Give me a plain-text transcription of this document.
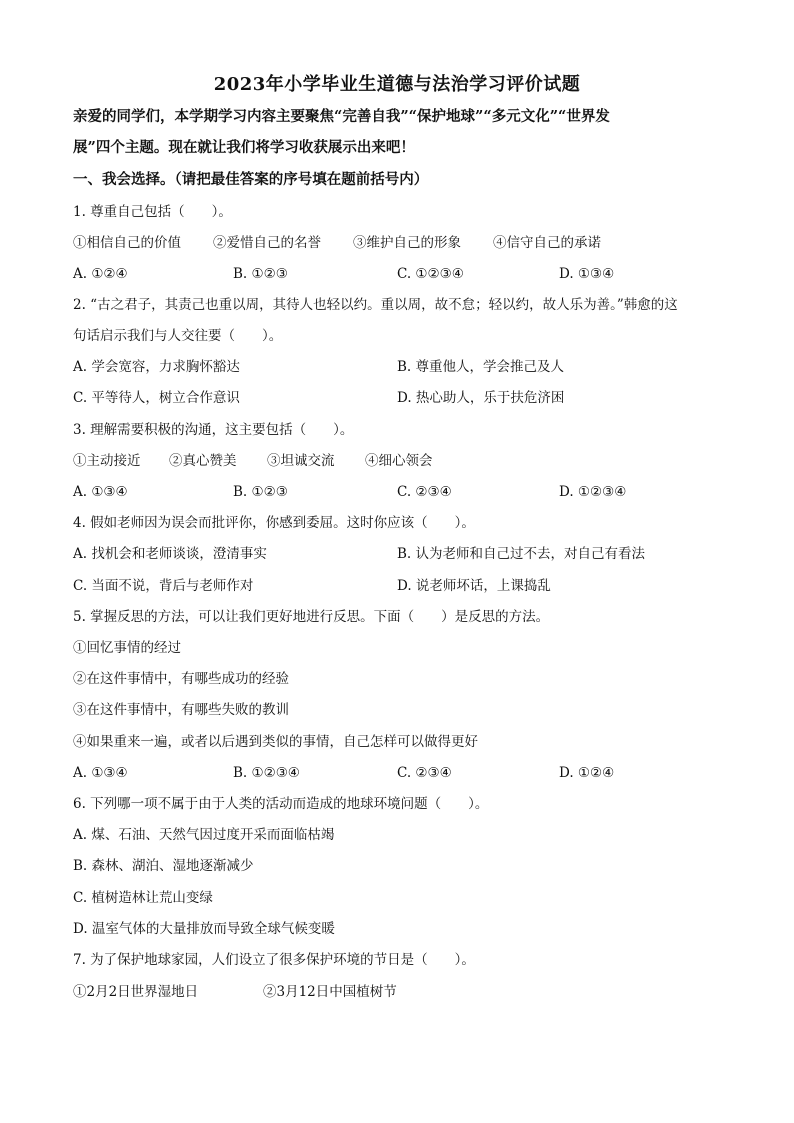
2023年小学毕业生道德与法治学习评价试题
亲爱的同学们，本学期学习内容主要聚焦“完善自我”“保护地球”“多元文化”“世界发
展”四个主题。现在就让我们将学习收获展示出来吧！
一、我会选择。（请把最佳答案的序号填在题前括号内）
1. 尊重自己包括（　　）。
①相信自己的价值 ②爱惜自己的名誉 ③维护自己的形象 ④信守自己的承诺
A. ①②④	B. ①②③	C. ①②③④	D. ①③④
2. “古之君子，其责己也重以周，其待人也轻以约。重以周，故不怠；轻以约，故人乐为善。”韩愈的这
句话启示我们与人交往要（　　）。
A. 学会宽容，力求胸怀豁达	B. 尊重他人，学会推己及人
C. 平等待人，树立合作意识	D. 热心助人，乐于扶危济困
3. 理解需要积极的沟通，这主要包括（　　）。
①主动接近 ②真心赞美 ③坦诚交流 ④细心领会
A. ①③④	B. ①②③	C. ②③④	D. ①②③④
4. 假如老师因为误会而批评你，你感到委屈。这时你应该（　　）。
A. 找机会和老师谈谈，澄清事实	B. 认为老师和自己过不去，对自己有看法
C. 当面不说，背后与老师作对	D. 说老师坏话，上课捣乱
5. 掌握反思的方法，可以让我们更好地进行反思。下面（　　）是反思的方法。
①回忆事情的经过
②在这件事情中，有哪些成功的经验
③在这件事情中，有哪些失败的教训
④如果重来一遍，或者以后遇到类似的事情，自己怎样可以做得更好
A. ①③④	B. ①②③④	C. ②③④	D. ①②④
6. 下列哪一项不属于由于人类的活动而造成的地球环境问题（　　）。
A. 煤、石油、天然气因过度开采而面临枯竭
B. 森林、湖泊、湿地逐渐减少
C. 植树造林让荒山变绿
D. 温室气体的大量排放而导致全球气候变暖
7. 为了保护地球家园，人们设立了很多保护环境的节日是（　　）。
①2月2日世界湿地日	②3月12日中国植树节
